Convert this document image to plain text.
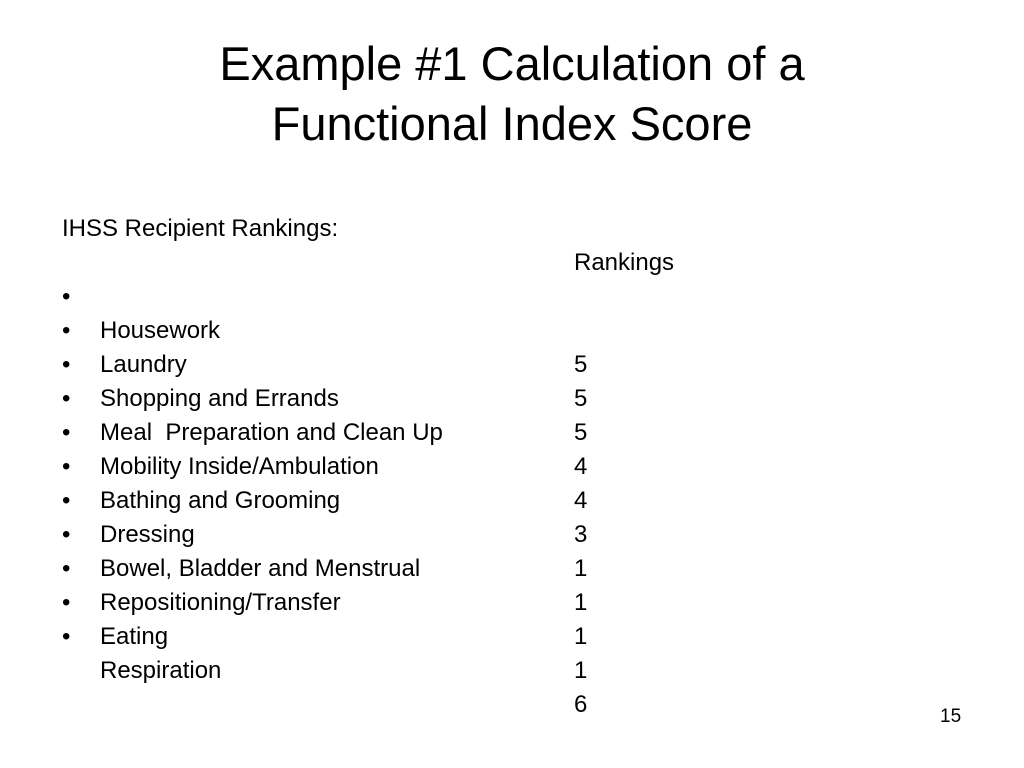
Example #1 Calculation of a
Functional Index Score

IHSS Recipient Rankings:

Rankings

•

Housework

5

•

Laundry

5

•

Shopping and Errands

5

•

Meal  Preparation and Clean Up

4

•

Mobility Inside/Ambulation

4

•

Bathing and Grooming

3

•

Dressing

1

•

Bowel, Bladder and Menstrual

1

•

Repositioning/Transfer

1

•

Eating

1

•

Respiration

6

	15
